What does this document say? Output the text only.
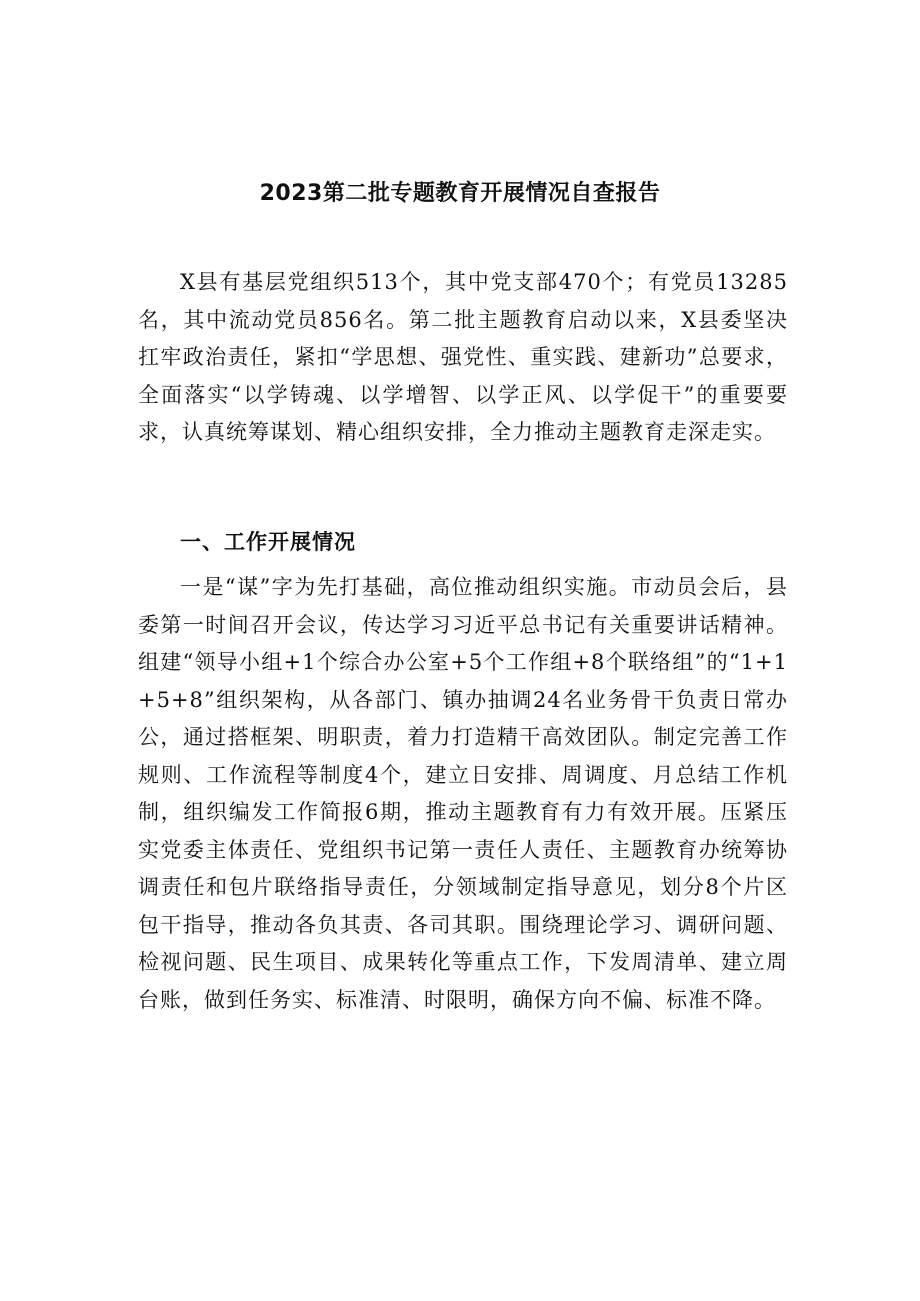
2023第二批专题教育开展情况自查报告

X县有基层党组织513个，其中党支部470个；有党员13285名，其中流动党员856名。第二批主题教育启动以来，X县委坚决扛牢政治责任，紧扣“学思想、强党性、重实践、建新功”总要求，全面落实“以学铸魂、以学增智、以学正风、以学促干”的重要要求，认真统筹谋划、精心组织安排，全力推动主题教育走深走实。

一、工作开展情况

一是“谋”字为先打基础，高位推动组织实施。市动员会后，县委第一时间召开会议，传达学习习近平总书记有关重要讲话精神。组建“领导小组+1个综合办公室+5个工作组+8个联络组”的“1+1+5+8”组织架构，从各部门、镇办抽调24名业务骨干负责日常办公，通过搭框架、明职责，着力打造精干高效团队。制定完善工作规则、工作流程等制度4个，建立日安排、周调度、月总结工作机制，组织编发工作简报6期，推动主题教育有力有效开展。压紧压实党委主体责任、党组织书记第一责任人责任、主题教育办统筹协调责任和包片联络指导责任，分领域制定指导意见，划分8个片区包干指导，推动各负其责、各司其职。围绕理论学习、调研问题、检视问题、民生项目、成果转化等重点工作，下发周清单、建立周台账，做到任务实、标准清、时限明，确保方向不偏、标准不降。
